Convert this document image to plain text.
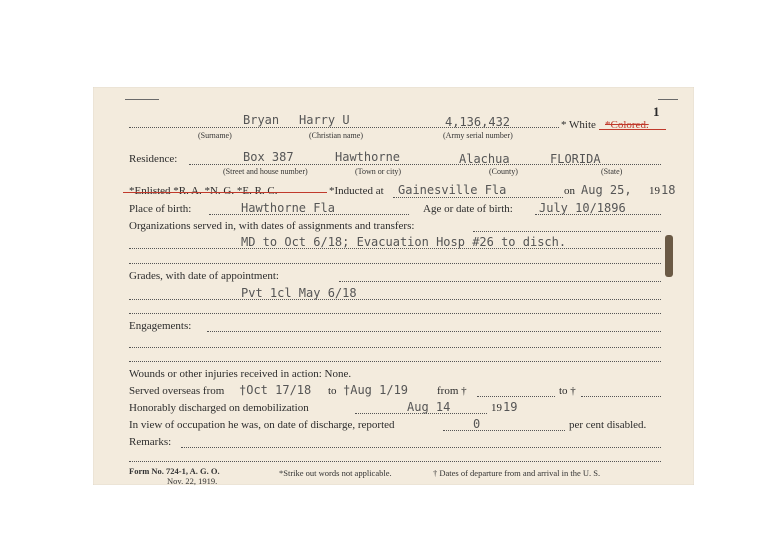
1
Bryan Harry U	4,136,432	* White *Colored.
(Surname)	(Christian name)	(Army serial number)
Residence:	Box 387	Hawthorne	Alachua	FLORIDA
(Street and house number)	(Town or city)	(County)	(State)
*Enlisted *R. A. *N. G. *E. R. C.	*Inducted at Gainesville Fla	on Aug 25, 19 18
Place of birth:	Hawthorne Fla	Age or date of birth: July 10/1896
Organizations served in, with dates of assignments and transfers:
MD to Oct 6/18; Evacuation Hosp #26 to disch.
Grades, with date of appointment:
Pvt 1cl May 6/18
Engagements:
Wounds or other injuries received in action: None.
Served overseas from †Oct 17/18 to †Aug 1/19	from †	to †
Honorably discharged on demobilization	Aug 14	19 19
In view of occupation he was, on date of discharge, reported	0	per cent disabled.
Remarks:
Form No. 724-1, A. G. O.
Nov. 22, 1919.
*Strike out words not applicable.	† Dates of departure from and arrival in the U. S.
